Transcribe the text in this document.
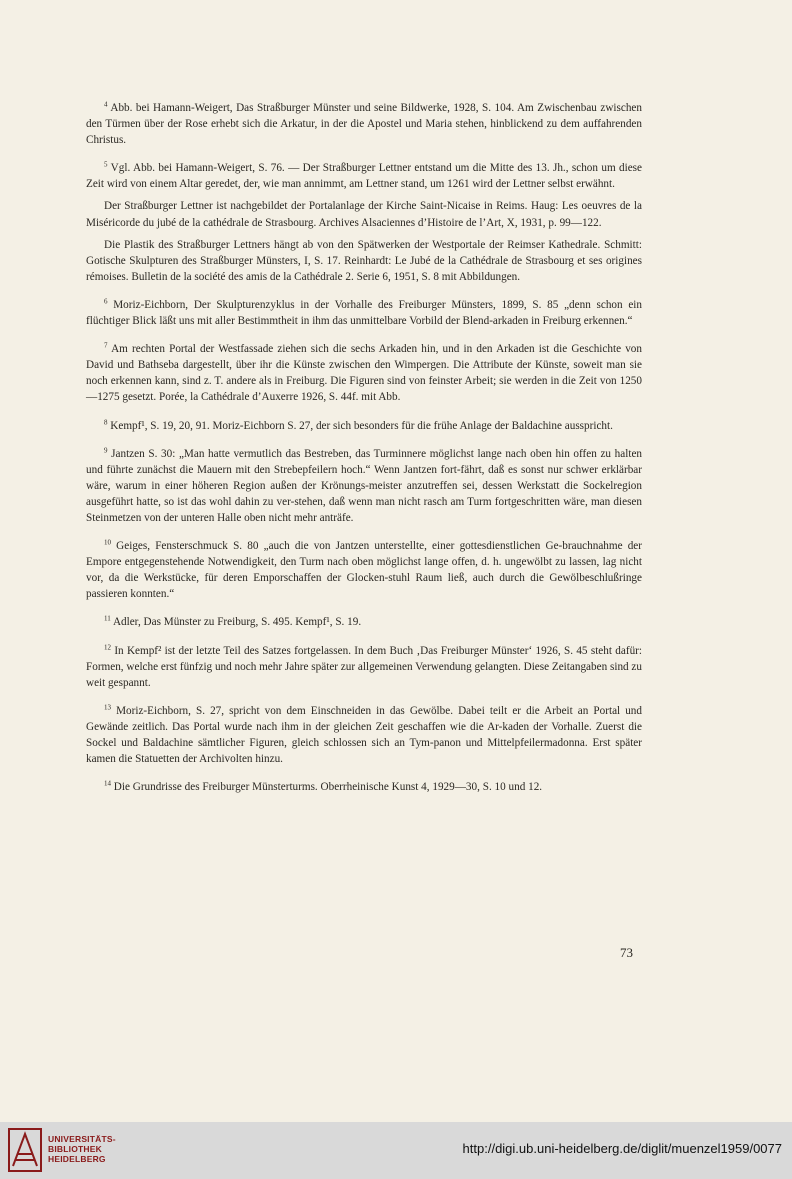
$^4$ Abb. bei Hamann-Weigert, Das Straßburger Münster und seine Bildwerke, 1928, S. 104. Am Zwischenbau zwischen den Türmen über der Rose erhebt sich die Arkatur, in der die Apostel und Maria stehen, hinblickend zu dem auffahrenden Christus.

$^5$ Vgl. Abb. bei Hamann-Weigert, S. 76. — Der Straßburger Lettner entstand um die Mitte des 13. Jh., schon um diese Zeit wird von einem Altar geredet, der, wie man annimmt, am Lettner stand, um 1261 wird der Lettner selbst erwähnt.

Der Straßburger Lettner ist nachgebildet der Portalanlage der Kirche Saint-Nicaise in Reims. Haug: Les oeuvres de la Miséricorde du jubé de la cathédrale de Strasbourg. Archives Alsaciennes d’Histoire de l’Art, X, 1931, p. 99—122.

Die Plastik des Straßburger Lettners hängt ab von den Spätwerken der Westportale der Reimser Kathedrale. Schmitt: Gotische Skulpturen des Straßburger Münsters, I, S. 17. Reinhardt: Le Jubé de la Cathédrale de Strasbourg et ses origines rémoises. Bulletin de la société des amis de la Cathédrale 2. Serie 6, 1951, S. 8 mit Abbildungen.

$^6$ Moriz-Eichborn, Der Skulpturenzyklus in der Vorhalle des Freiburger Münsters, 1899, S. 85 „denn schon ein flüchtiger Blick läßt uns mit aller Bestimmtheit in ihm das unmittelbare Vorbild der Blend-arkaden in Freiburg erkennen.“

$^7$ Am rechten Portal der Westfassade ziehen sich die sechs Arkaden hin, und in den Arkaden ist die Geschichte von David und Bathseba dargestellt, über ihr die Künste zwischen den Wimpergen. Die Attribute der Künste, soweit man sie noch erkennen kann, sind z. T. andere als in Freiburg. Die Figuren sind von feinster Arbeit; sie werden in die Zeit von 1250—1275 gesetzt. Porée, la Cathédrale d’Auxerre 1926, S. 44f. mit Abb.

$^8$ Kempf¹, S. 19, 20, 91. Moriz-Eichborn S. 27, der sich besonders für die frühe Anlage der Baldachine ausspricht.

$^9$ Jantzen S. 30: „Man hatte vermutlich das Bestreben, das Turminnere möglichst lange nach oben hin offen zu halten und führte zunächst die Mauern mit den Strebepfeilern hoch.“ Wenn Jantzen fort-fährt, daß es sonst nur schwer erklärbar wäre, warum in einer höheren Region außen der Krönungs-meister anzutreffen sei, dessen Werkstatt die Sockelregion ausgeführt hatte, so ist das wohl dahin zu ver-stehen, daß wenn man nicht rasch am Turm fortgeschritten wäre, man diesen Steinmetzen von der unteren Halle oben nicht mehr anträfe.

$^{10}$ Geiges, Fensterschmuck S. 80 „auch die von Jantzen unterstellte, einer gottesdienstlichen Ge-brauchnahme der Empore entgegenstehende Notwendigkeit, den Turm nach oben möglichst lange offen, d. h. ungewölbt zu lassen, lag nicht vor, da die Werkstücke, für deren Emporschaffen der Glocken-stuhl Raum ließ, auch durch die Gewölbeschlußringe passieren konnten.“

$^{11}$ Adler, Das Münster zu Freiburg, S. 495. Kempf¹, S. 19.

$^{12}$ In Kempf² ist der letzte Teil des Satzes fortgelassen. In dem Buch ‚Das Freiburger Münster‘ 1926, S. 45 steht dafür: Formen, welche erst fünfzig und noch mehr Jahre später zur allgemeinen Verwendung gelangten. Diese Zeitangaben sind zu weit gespannt.

$^{13}$ Moriz-Eichborn, S. 27, spricht von dem Einschneiden in das Gewölbe. Dabei teilt er die Arbeit an Portal und Gewände zeitlich. Das Portal wurde nach ihm in der gleichen Zeit geschaffen wie die Ar-kaden der Vorhalle. Zuerst die Sockel und Baldachine sämtlicher Figuren, gleich schlossen sich an Tym-panon und Mittelpfeilermadonna. Erst später kamen die Statuetten der Archivolten hinzu.

$^{14}$ Die Grundrisse des Freiburger Münsterturms. Oberrheinische Kunst 4, 1929—30, S. 10 und 12.

73
UNIVERSITÄTS-
BIBLIOTHEK
HEIDELBERG
http://digi.ub.uni-heidelberg.de/diglit/muenzel1959/0077
